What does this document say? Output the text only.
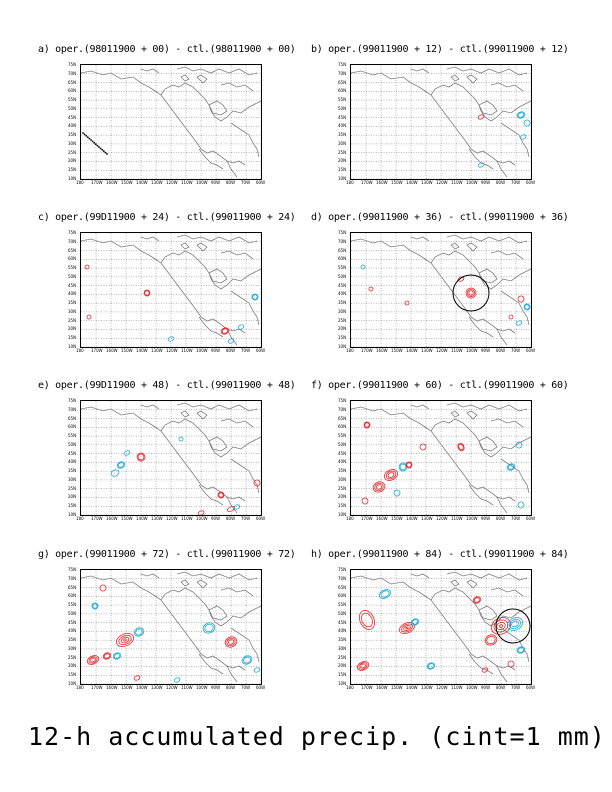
a) oper.(98011900 + 00) - ctl.(98011900 + 00)
75N
70N
65N
60N
55N
50N
45N
40N
35N
30N
25N
20N
15N
10N
180 170W 160W 150W 140W 130W 120W 110W 100W 90W 80W 70W 60W
b) oper.(99011900 + 12) - ctl.(99011900 + 12)
75N
70N
65N
60N
55N
50N
45N
40N
35N
30N
25N
20N
15N
10N
180 170W 160W 150W 140W 130W 120W 110W 100W 90W 80W 70W 60W
c) oper.(99D11900 + 24) - ctl.(99011900 + 24)
75N
70N
65N
60N
55N
50N
45N
40N
35N
30N
25N
20N
15N
10N
180 170W 160W 150W 140W 130W 120W 110W 100W 90W 80W 70W 60W
d) oper.(99011900 + 36) - ctl.(99011900 + 36)
75N
70N
65N
60N
55N
50N
45N
40N
35N
30N
25N
20N
15N
10N
180 170W 160W 150W 140W 130W 120W 110W 100W 90W 80W 70W 60W
e) oper.(99D11900 + 48) - ctl.(99011900 + 48)
75N
70N
65N
60N
55N
50N
45N
40N
35N
30N
25N
20N
15N
10N
180 170W 160W 150W 140W 130W 120W 110W 100W 90W 80W 70W 60W
f) oper.(99011900 + 60) - ctl.(99011900 + 60)
75N
70N
65N
60N
55N
50N
45N
40N
35N
30N
25N
20N
15N
10N
180 170W 160W 150W 140W 130W 120W 110W 100W 90W 80W 70W 60W
g) oper.(99011900 + 72) - ctl.(99011900 + 72)
75N
70N
65N
60N
55N
50N
45N
40N
35N
30N
25N
20N
15N
10N
180 170W 160W 150W 140W 130W 120W 110W 100W 90W 80W 70W 60W
h) oper.(99011900 + 84) - ctl.(99011900 + 84)
75N
70N
65N
60N
55N
50N
45N
40N
35N
30N
25N
20N
15N
10N
180 170W 160W 150W 140W 130W 120W 110W 100W 90W 80W 70W 60W
12-h accumulated precip. (cint=1 mm)
